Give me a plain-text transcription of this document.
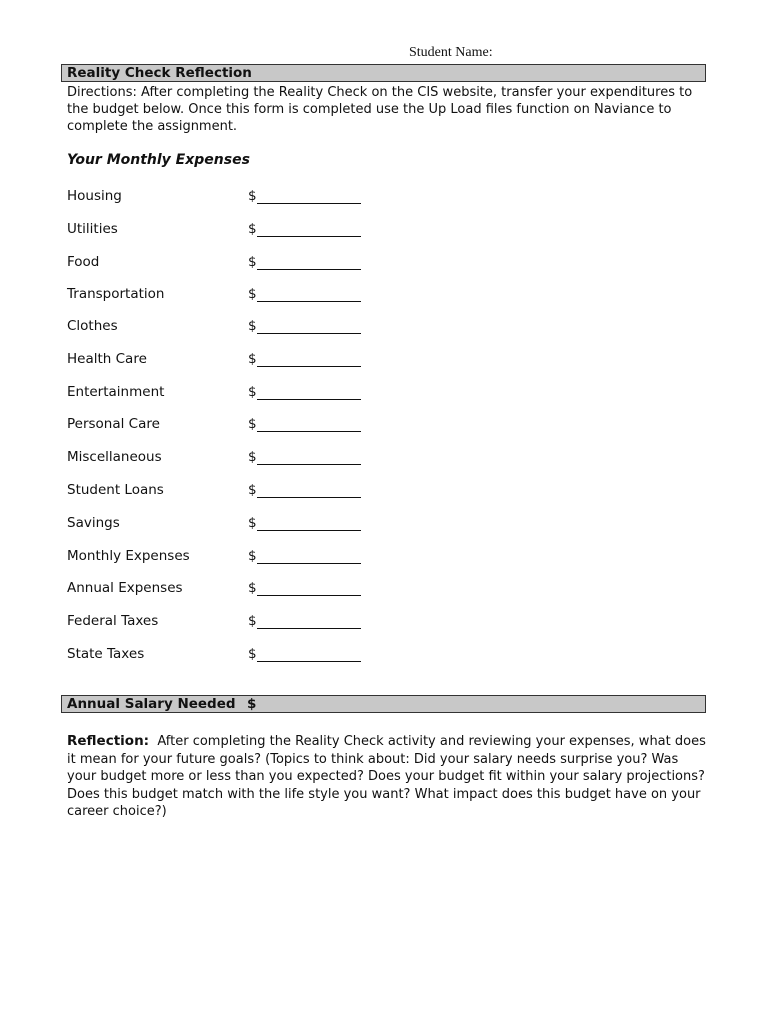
Student Name:
Reality Check Reflection
Directions: After completing the Reality Check on the CIS website, transfer your expenditures to the budget below. Once this form is completed use the Up Load files function on Naviance to complete the assignment.
Your Monthly Expenses
Housing	$
Utilities	$
Food	$
Transportation	$
Clothes	$
Health Care	$
Entertainment	$
Personal Care	$
Miscellaneous	$
Student Loans	$
Savings	$
Monthly Expenses	$
Annual Expenses	$
Federal Taxes	$
State Taxes	$
Annual Salary Needed $
Reflection: After completing the Reality Check activity and reviewing your expenses, what does it mean for your future goals? (Topics to think about: Did your salary needs surprise you? Was your budget more or less than you expected? Does your budget fit within your salary projections? Does this budget match with the life style you want? What impact does this budget have on your career choice?)
